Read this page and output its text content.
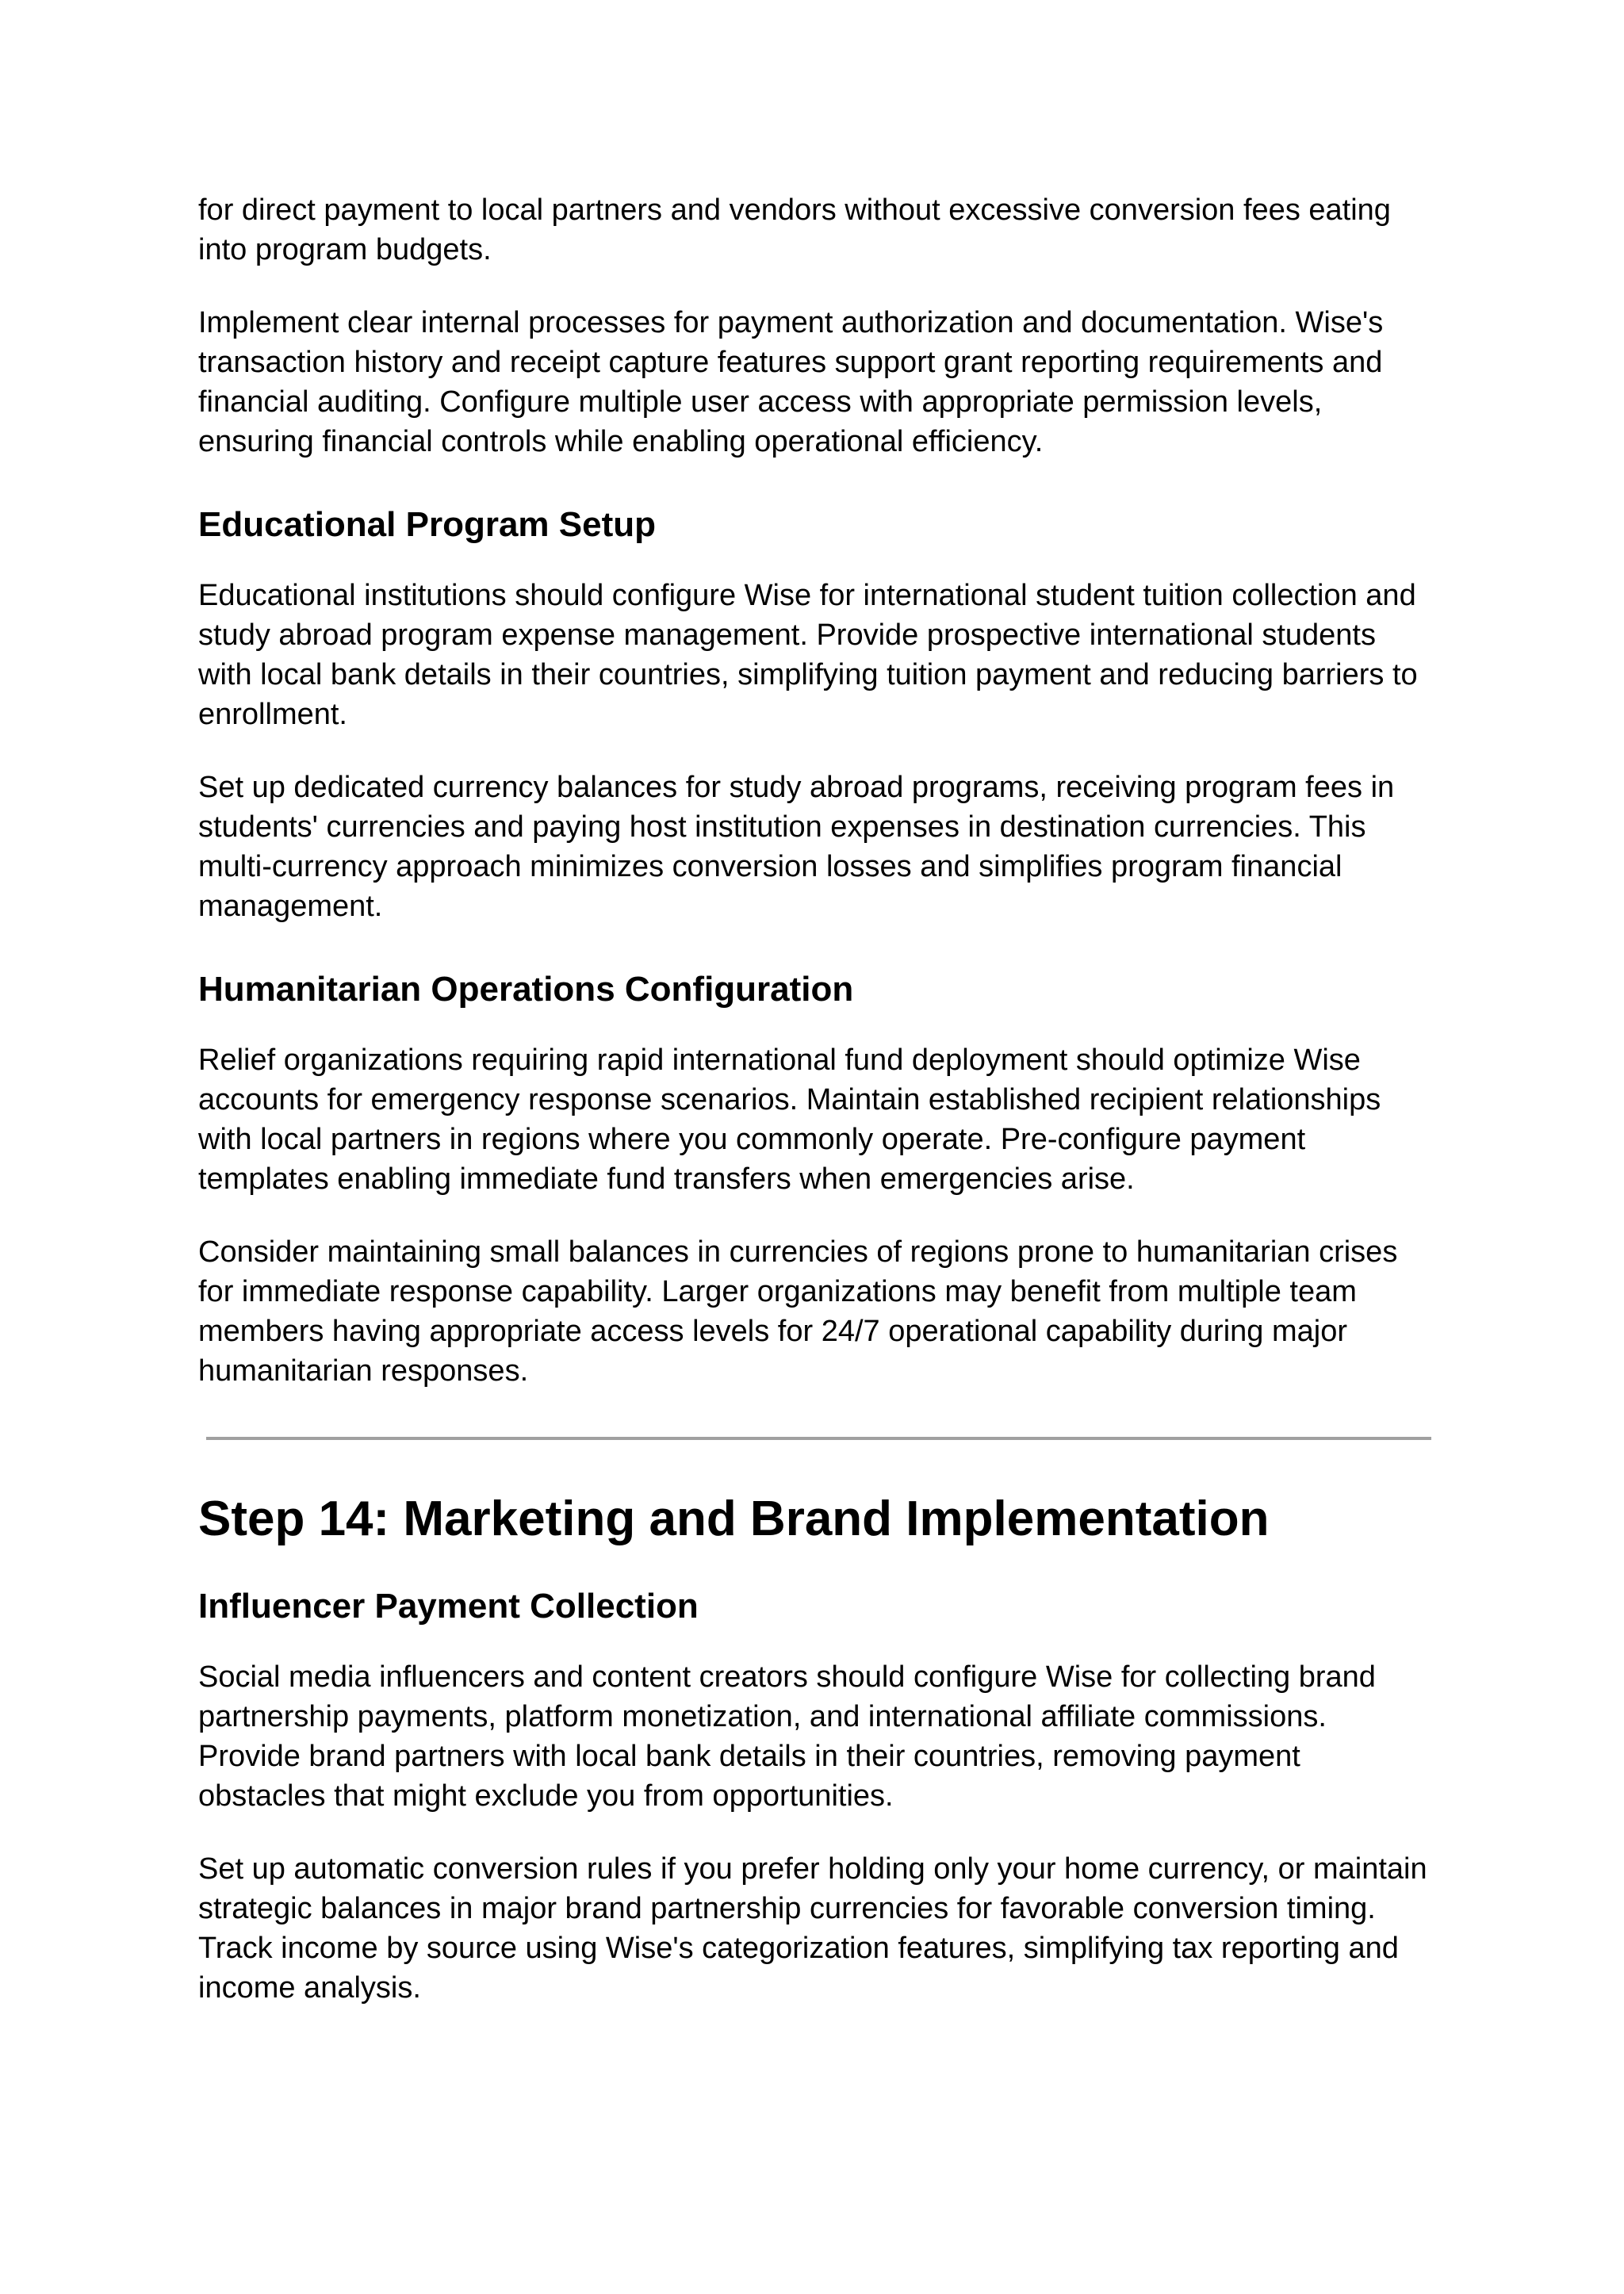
for direct payment to local partners and vendors without excessive conversion fees eating into program budgets.

Implement clear internal processes for payment authorization and documentation. Wise's transaction history and receipt capture features support grant reporting requirements and financial auditing. Configure multiple user access with appropriate permission levels, ensuring financial controls while enabling operational efficiency.

Educational Program Setup

Educational institutions should configure Wise for international student tuition collection and study abroad program expense management. Provide prospective international students with local bank details in their countries, simplifying tuition payment and reducing barriers to enrollment.

Set up dedicated currency balances for study abroad programs, receiving program fees in students' currencies and paying host institution expenses in destination currencies. This multi-currency approach minimizes conversion losses and simplifies program financial management.

Humanitarian Operations Configuration

Relief organizations requiring rapid international fund deployment should optimize Wise accounts for emergency response scenarios. Maintain established recipient relationships with local partners in regions where you commonly operate. Pre-configure payment templates enabling immediate fund transfers when emergencies arise.

Consider maintaining small balances in currencies of regions prone to humanitarian crises for immediate response capability. Larger organizations may benefit from multiple team members having appropriate access levels for 24/7 operational capability during major humanitarian responses.

Step 14: Marketing and Brand Implementation
Influencer Payment Collection

Social media influencers and content creators should configure Wise for collecting brand partnership payments, platform monetization, and international affiliate commissions. Provide brand partners with local bank details in their countries, removing payment obstacles that might exclude you from opportunities.

Set up automatic conversion rules if you prefer holding only your home currency, or maintain strategic balances in major brand partnership currencies for favorable conversion timing. Track income by source using Wise's categorization features, simplifying tax reporting and income analysis.
